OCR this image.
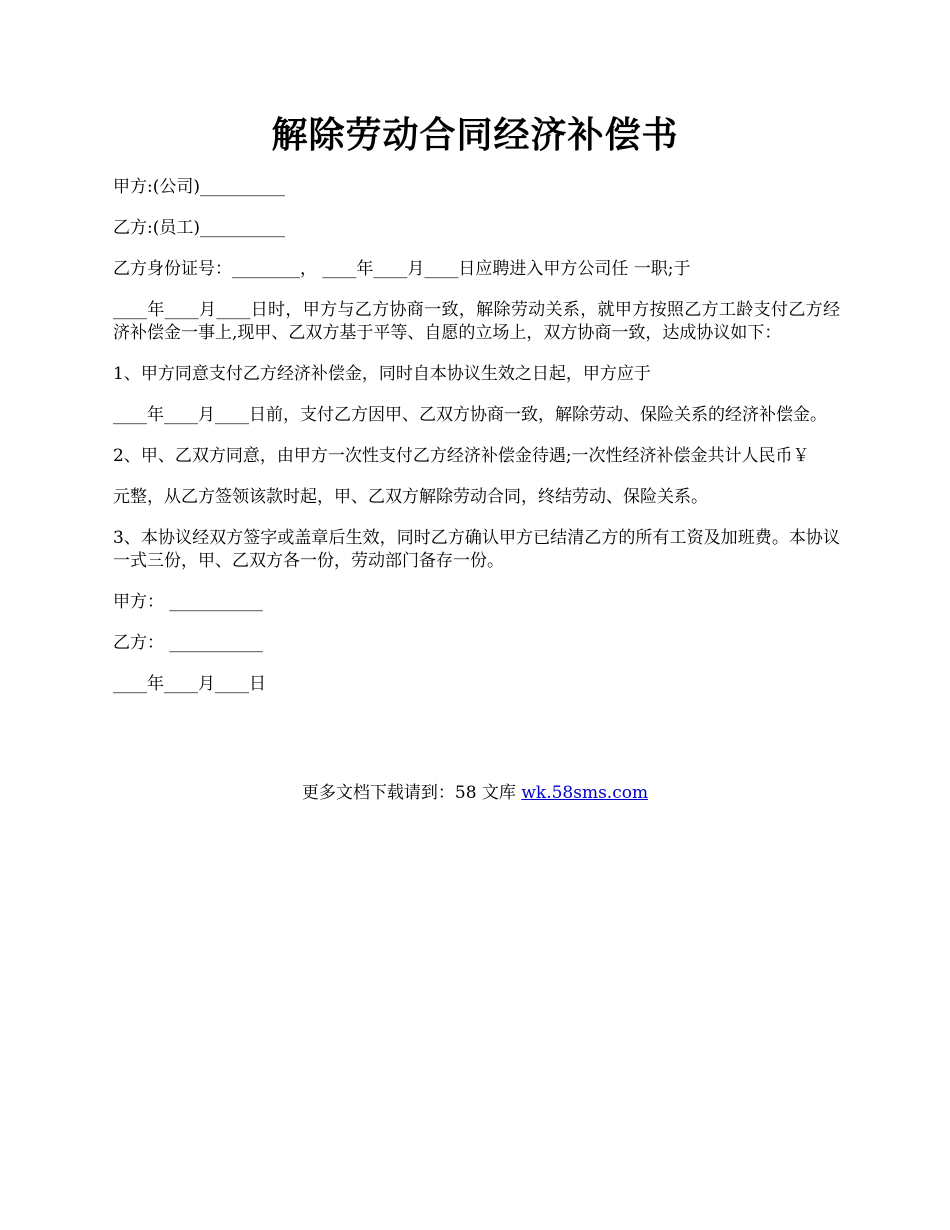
解除劳动合同经济补偿书

甲方:(公司)__________

乙方:(员工)__________

乙方身份证号：________， ____年____月____日应聘进入甲方公司任 一职;于

____年____月____日时，甲方与乙方协商一致，解除劳动关系，就甲方按照乙方工龄支付乙方经济补偿金一事上,现甲、乙双方基于平等、自愿的立场上，双方协商一致，达成协议如下：

1、甲方同意支付乙方经济补偿金，同时自本协议生效之日起，甲方应于

____年____月____日前，支付乙方因甲、乙双方协商一致，解除劳动、保险关系的经济补偿金。

2、甲、乙双方同意，由甲方一次性支付乙方经济补偿金待遇;一次性经济补偿金共计人民币￥

元整，从乙方签领该款时起，甲、乙双方解除劳动合同，终结劳动、保险关系。

3、本协议经双方签字或盖章后生效，同时乙方确认甲方已结清乙方的所有工资及加班费。本协议一式三份，甲、乙双方各一份，劳动部门备存一份。

甲方： ___________

乙方： ___________

____年____月____日

更多文档下载请到：58 文库 wk.58sms.com
